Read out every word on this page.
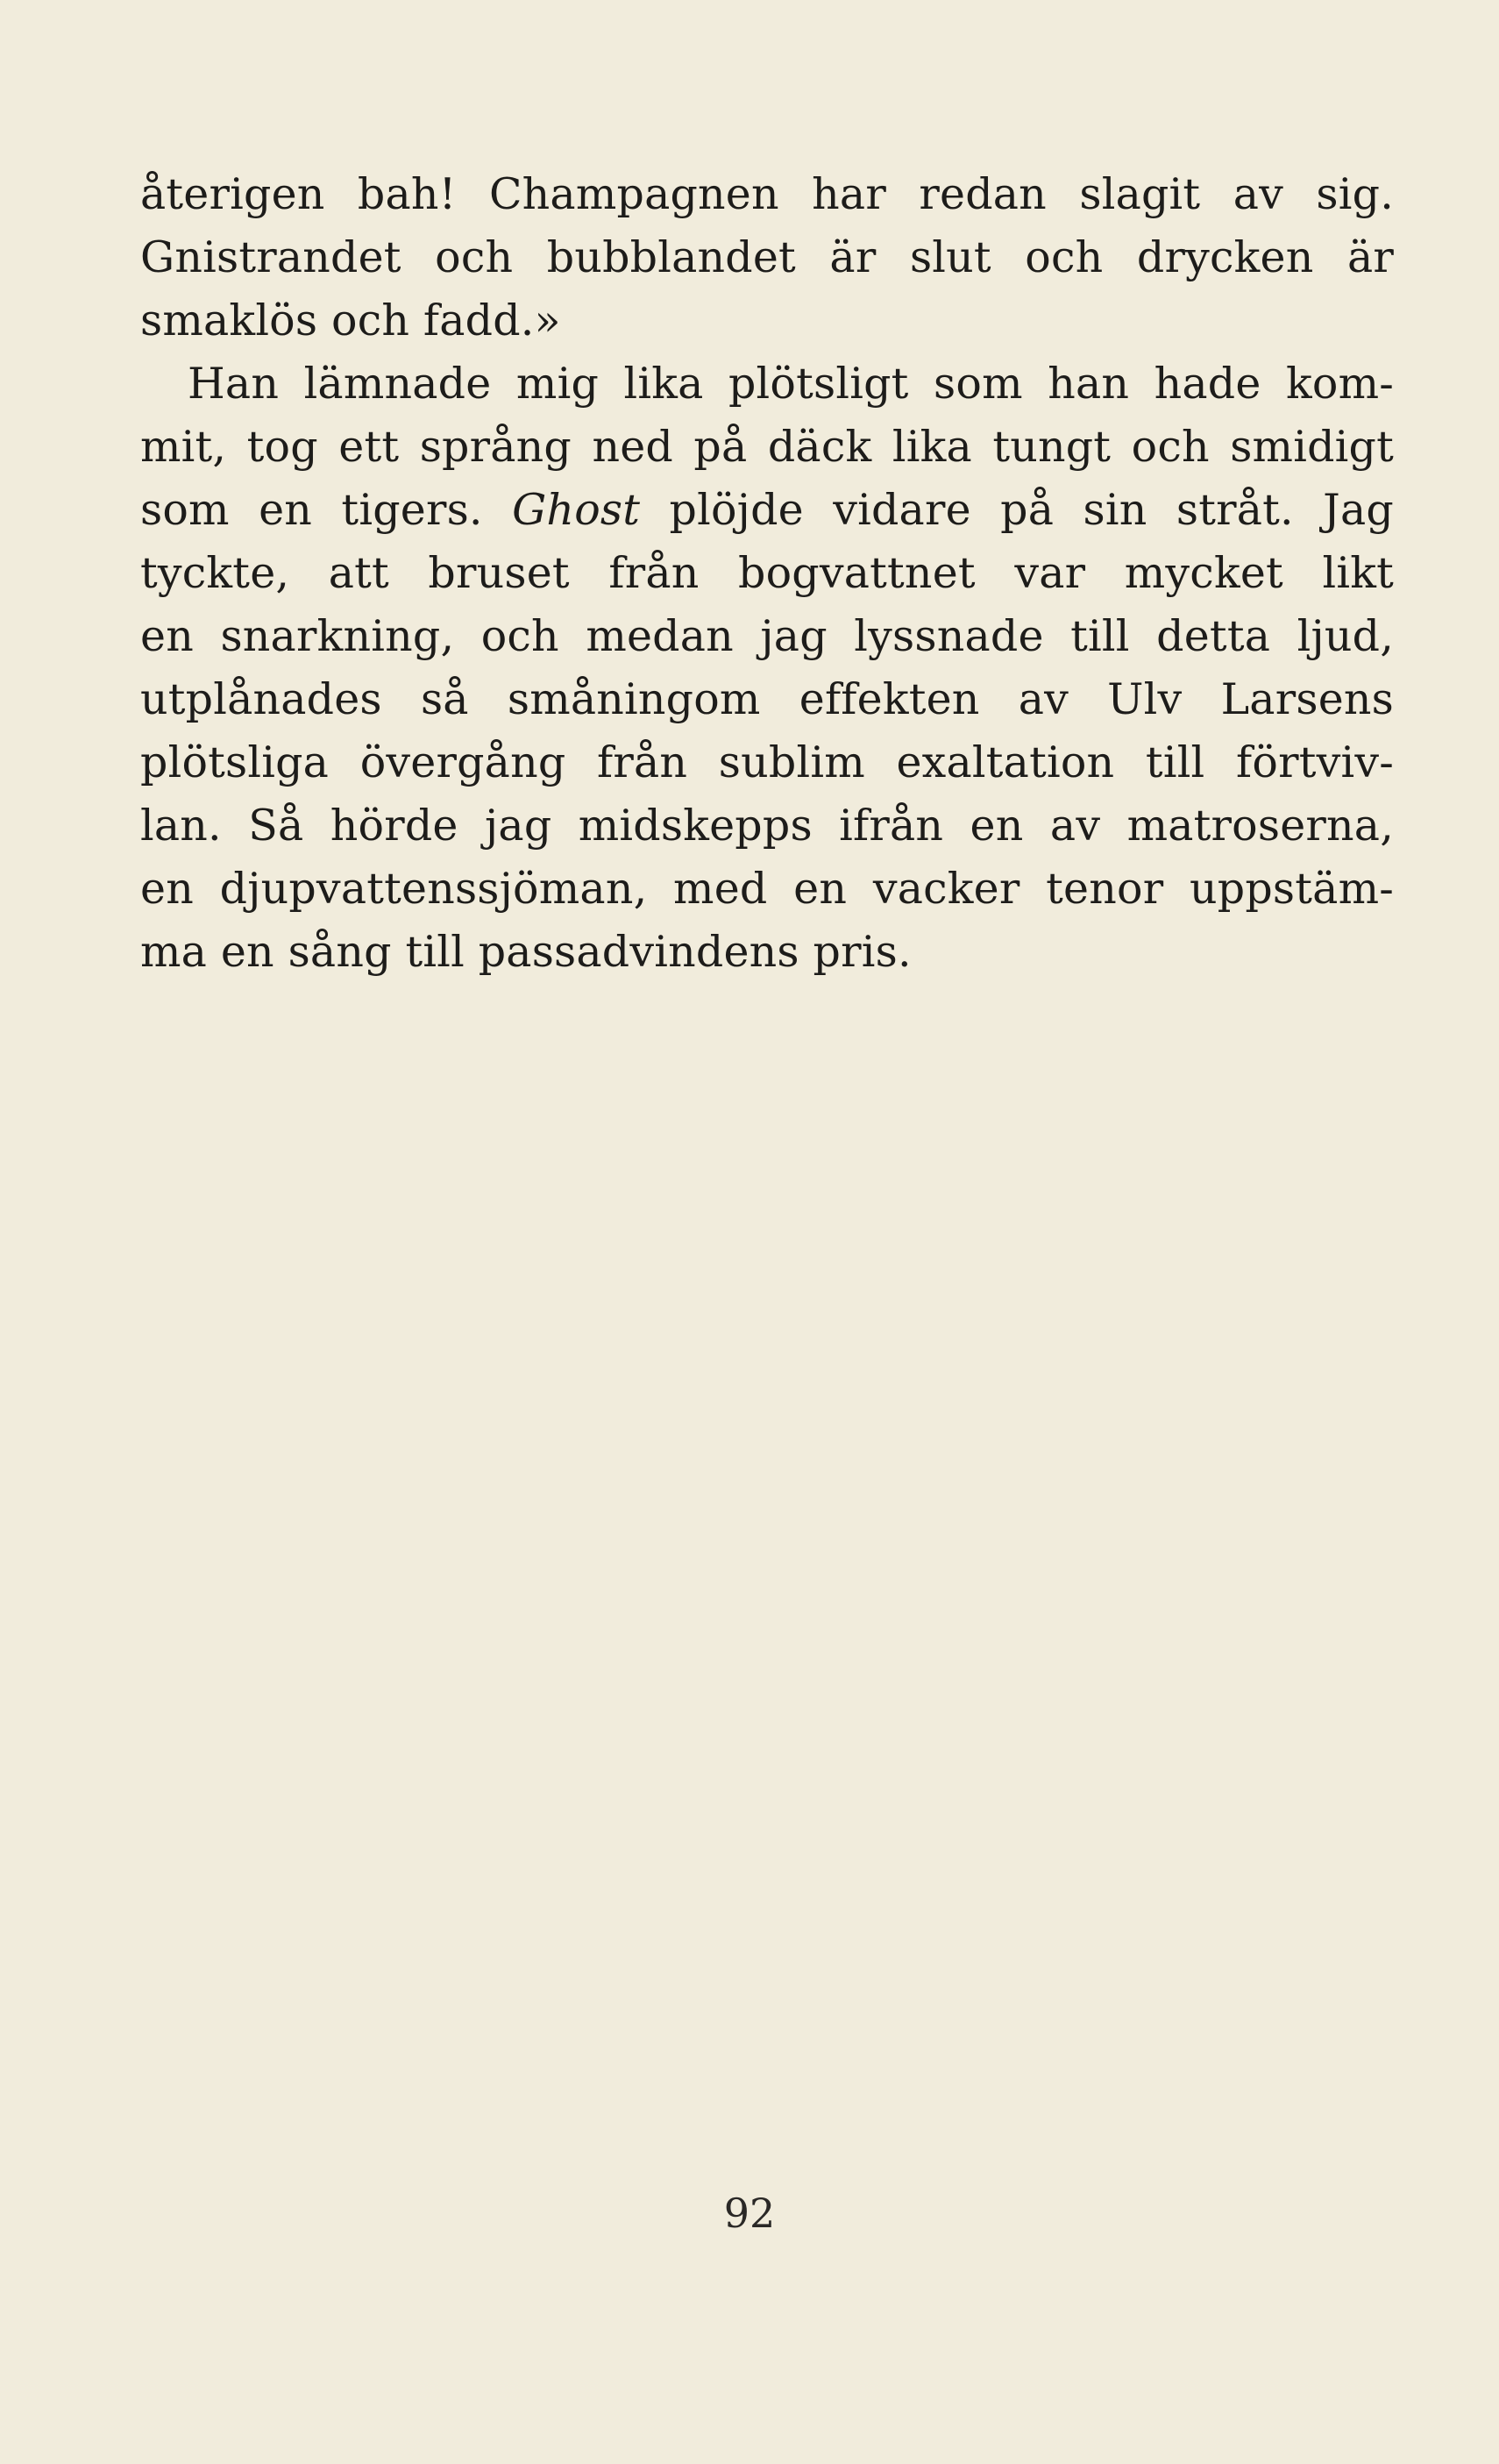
återigen bah! Champagnen har redan slagit av sig.
Gnistrandet och bubblandet är slut och drycken är
smaklös och fadd.»
Han lämnade mig lika plötsligt som han hade kom-
mit, tog ett språng ned på däck lika tungt och smidigt
som en tigers. Ghost plöjde vidare på sin stråt. Jag
tyckte, att bruset från bogvattnet var mycket likt
en snarkning, och medan jag lyssnade till detta ljud,
utplånades så småningom effekten av Ulv Larsens
plötsliga övergång från sublim exaltation till förtviv-
lan. Så hörde jag midskepps ifrån en av matroserna,
en djupvattenssjöman, med en vacker tenor uppstäm-
ma en sång till passadvindens pris.
92
